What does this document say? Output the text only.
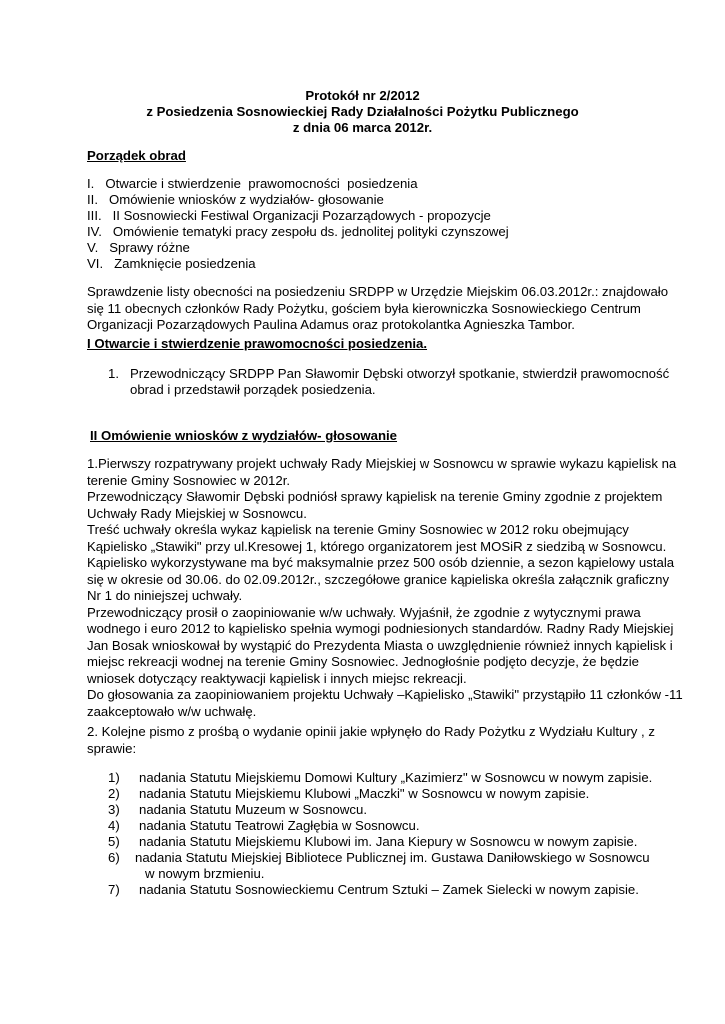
Protokół nr 2/2012
z Posiedzenia Sosnowieckiej Rady Działalności Pożytku Publicznego
z dnia 06 marca 2012r.
Porządek obrad
I.   Otwarcie i stwierdzenie  prawomocności  posiedzenia
II.   Omówienie wniosków z wydziałów- głosowanie
III.   II Sosnowiecki Festiwal Organizacji Pozarządowych - propozycje
IV.   Omówienie tematyki pracy zespołu ds. jednolitej polityki czynszowej
V.   Sprawy różne
VI.   Zamknięcie posiedzenia
Sprawdzenie listy obecności na posiedzeniu SRDPP w Urzędzie Miejskim 06.03.2012r.: znajdowało
się 11 obecnych członków Rady Pożytku, gościem była kierowniczka Sosnowieckiego Centrum
Organizacji Pozarządowych Paulina Adamus oraz protokolantka Agnieszka Tambor.
I Otwarcie i stwierdzenie prawomocności posiedzenia.
1. Przewodniczący SRDPP Pan Sławomir Dębski otworzył spotkanie, stwierdził prawomocność
obrad i przedstawił porządek posiedzenia.
II Omówienie wniosków z wydziałów- głosowanie
1.Pierwszy rozpatrywany projekt uchwały Rady Miejskiej w Sosnowcu w sprawie wykazu kąpielisk na
terenie Gminy Sosnowiec w 2012r.
Przewodniczący Sławomir Dębski podniósł sprawy kąpielisk na terenie Gminy zgodnie z projektem
Uchwały Rady Miejskiej w Sosnowcu.
Treść uchwały określa wykaz kąpielisk na terenie Gminy Sosnowiec w 2012 roku obejmujący
Kąpielisko „Stawiki" przy ul.Kresowej 1, którego organizatorem jest MOSiR z siedzibą w Sosnowcu.
Kąpielisko wykorzystywane ma być maksymalnie przez 500 osób dziennie, a sezon kąpielowy ustala
się w okresie od 30.06. do 02.09.2012r., szczegółowe granice kąpieliska określa załącznik graficzny
Nr 1 do niniejszej uchwały.
Przewodniczący prosił o zaopiniowanie w/w uchwały. Wyjaśnił, że zgodnie z wytycznymi prawa
wodnego i euro 2012 to kąpielisko spełnia wymogi podniesionych standardów. Radny Rady Miejskiej
Jan Bosak wnioskował by wystąpić do Prezydenta Miasta o uwzględnienie również innych kąpielisk i
miejsc rekreacji wodnej na terenie Gminy Sosnowiec. Jednogłośnie podjęto decyzje, że będzie
wniosek dotyczący reaktywacji kąpielisk i innych miejsc rekreacji.
Do głosowania za zaopiniowaniem projektu Uchwały –Kąpielisko „Stawiki" przystąpiło 11 członków -11
zaakceptowało w/w uchwałę.
2. Kolejne pismo z prośbą o wydanie opinii jakie wpłynęło do Rady Pożytku z Wydziału Kultury , z
sprawie:
1) nadania Statutu Miejskiemu Domowi Kultury „Kazimierz" w Sosnowcu w nowym zapisie.
2) nadania Statutu Miejskiemu Klubowi „Maczki" w Sosnowcu w nowym zapisie.
3) nadania Statutu Muzeum w Sosnowcu.
4) nadania Statutu Teatrowi Zagłębia w Sosnowcu.
5) nadania Statutu Miejskiemu Klubowi im. Jana Kiepury w Sosnowcu w nowym zapisie.
6) nadania Statutu Miejskiej Bibliotece Publicznej im. Gustawa Daniłowskiego w Sosnowcu
w nowym brzmieniu.
7) nadania Statutu Sosnowieckiemu Centrum Sztuki – Zamek Sielecki w nowym zapisie.
